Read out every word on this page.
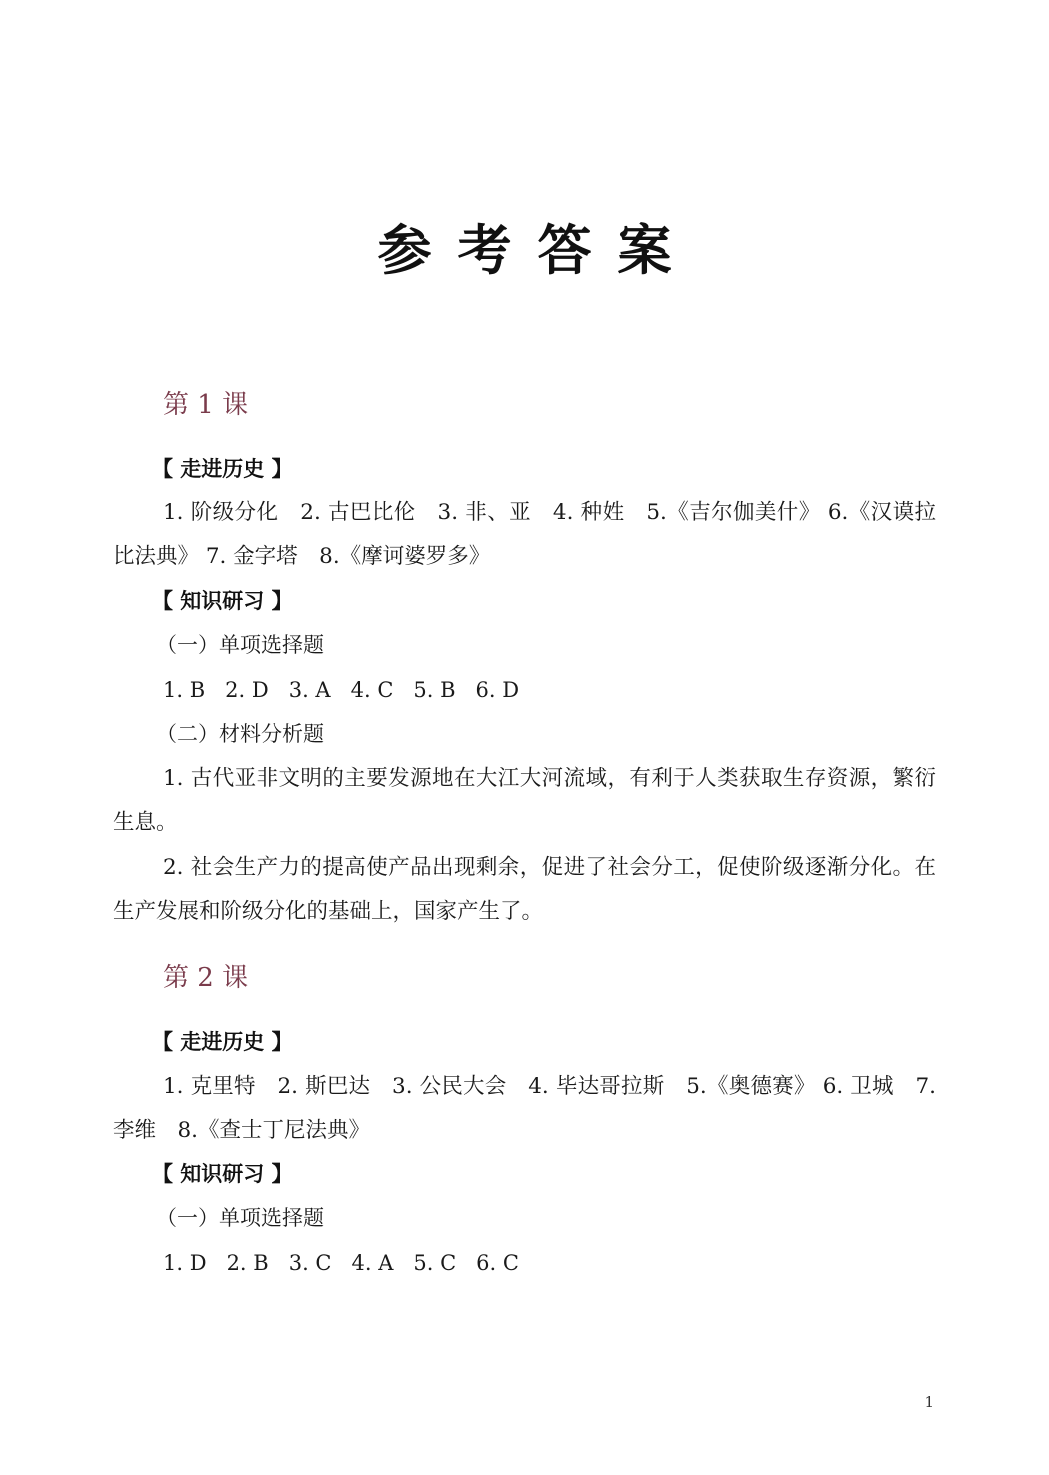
参考答案
第 1 课
【 走进历史 】
1. 阶级分化　2. 古巴比伦　3. 非、亚　4. 种姓　5.《吉尔伽美什》 6.《汉谟拉比法典》 7. 金字塔　8.《摩诃婆罗多》
【 知识研习 】
（一）单项选择题
1. B 2. D 3. A 4. C 5. B 6. D
（二）材料分析题
1. 古代亚非文明的主要发源地在大江大河流域，有利于人类获取生存资源，繁衍生息。
2. 社会生产力的提高使产品出现剩余，促进了社会分工，促使阶级逐渐分化。在生产发展和阶级分化的基础上，国家产生了。
第 2 课
【 走进历史 】
1. 克里特　2. 斯巴达　3. 公民大会　4. 毕达哥拉斯　5.《奥德赛》 6. 卫城　7. 李维　8.《查士丁尼法典》
【 知识研习 】
（一）单项选择题
1. D 2. B 3. C 4. A 5. C 6. C
1
